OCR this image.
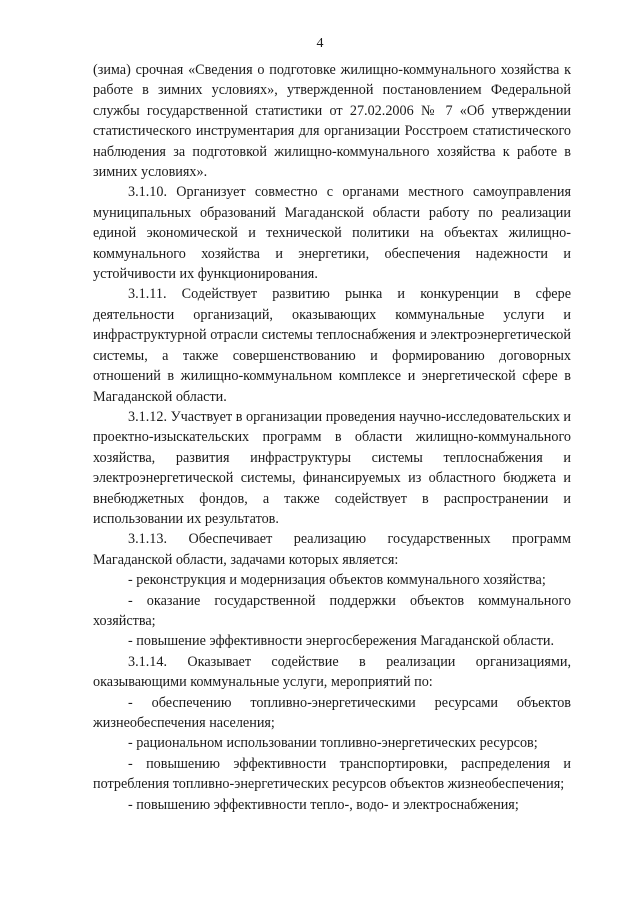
4

(зима) срочная «Сведения о подготовке жилищно-коммунального хозяйства к работе в зимних условиях», утвержденной постановлением Федеральной службы государственной статистики от 27.02.2006 № 7 «Об утверждении статистического инструментария для организации Росстроем статистического наблюдения за подготовкой жилищно-коммунального хозяйства к работе в зимних условиях».

3.1.10. Организует совместно с органами местного самоуправления муниципальных образований Магаданской области работу по реализации единой экономической и технической политики на объектах жилищно-коммунального хозяйства и энергетики, обеспечения надежности и устойчивости их функционирования.

3.1.11. Содействует развитию рынка и конкуренции в сфере деятельности организаций, оказывающих коммунальные услуги и инфраструктурной отрасли системы теплоснабжения и электроэнергетической системы, а также совершенствованию и формированию договорных отношений в жилищно-коммунальном комплексе и энергетической сфере в Магаданской области.

3.1.12. Участвует в организации проведения научно-исследовательских и проектно-изыскательских программ в области жилищно-коммунального хозяйства, развития инфраструктуры системы теплоснабжения и электроэнергетической системы, финансируемых из областного бюджета и внебюджетных фондов, а также содействует в распространении и использовании их результатов.

3.1.13. Обеспечивает реализацию государственных программ Магаданской области, задачами которых является:

- реконструкция и модернизация объектов коммунального хозяйства;

- оказание государственной поддержки объектов коммунального хозяйства;

- повышение эффективности энергосбережения Магаданской области.

3.1.14. Оказывает содействие в реализации организациями, оказывающими коммунальные услуги, мероприятий по:

- обеспечению топливно-энергетическими ресурсами объектов жизнеобеспечения населения;

- рациональном использовании топливно-энергетических ресурсов;

- повышению эффективности транспортировки, распределения и потребления топливно-энергетических ресурсов объектов жизнеобеспечения;

- повышению эффективности тепло-, водо- и электроснабжения;
